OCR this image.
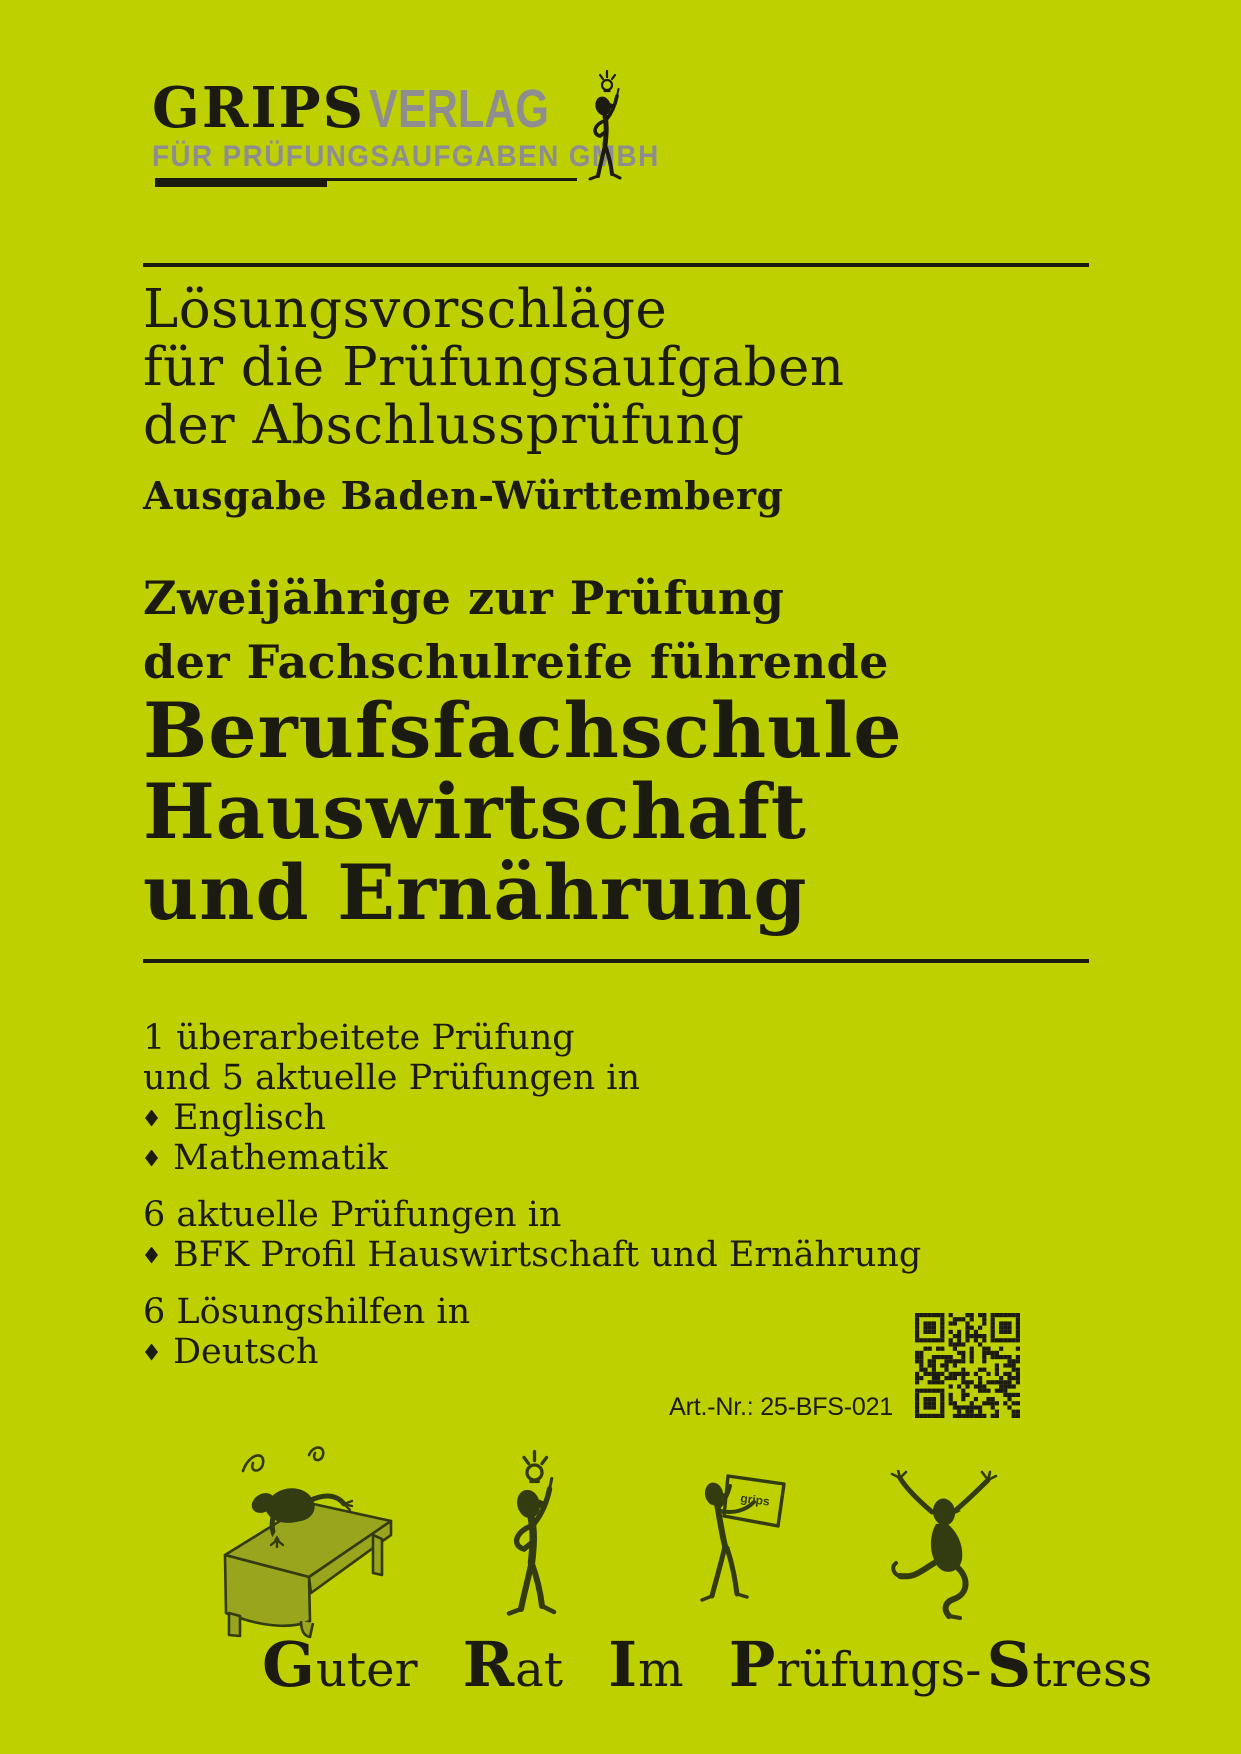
GRIPS VERLAG
FÜR PRÜFUNGSAUFGABEN GMBH
Lösungsvorschläge
für die Prüfungsaufgaben
der Abschlussprüfung
Ausgabe Baden-Württemberg
Zweijährige zur Prüfung
der Fachschulreife führende
Berufsfachschule
Hauswirtschaft
und Ernährung
1 überarbeitete Prüfung
und 5 aktuelle Prüfungen in
Englisch
Mathematik
6 aktuelle Prüfungen in
BFK Profil Hauswirtschaft und Ernährung
6 Lösungshilfen in
Deutsch
Art.-Nr.: 25-BFS-021
grips
Guter Rat Im Prüfungs- Stress
